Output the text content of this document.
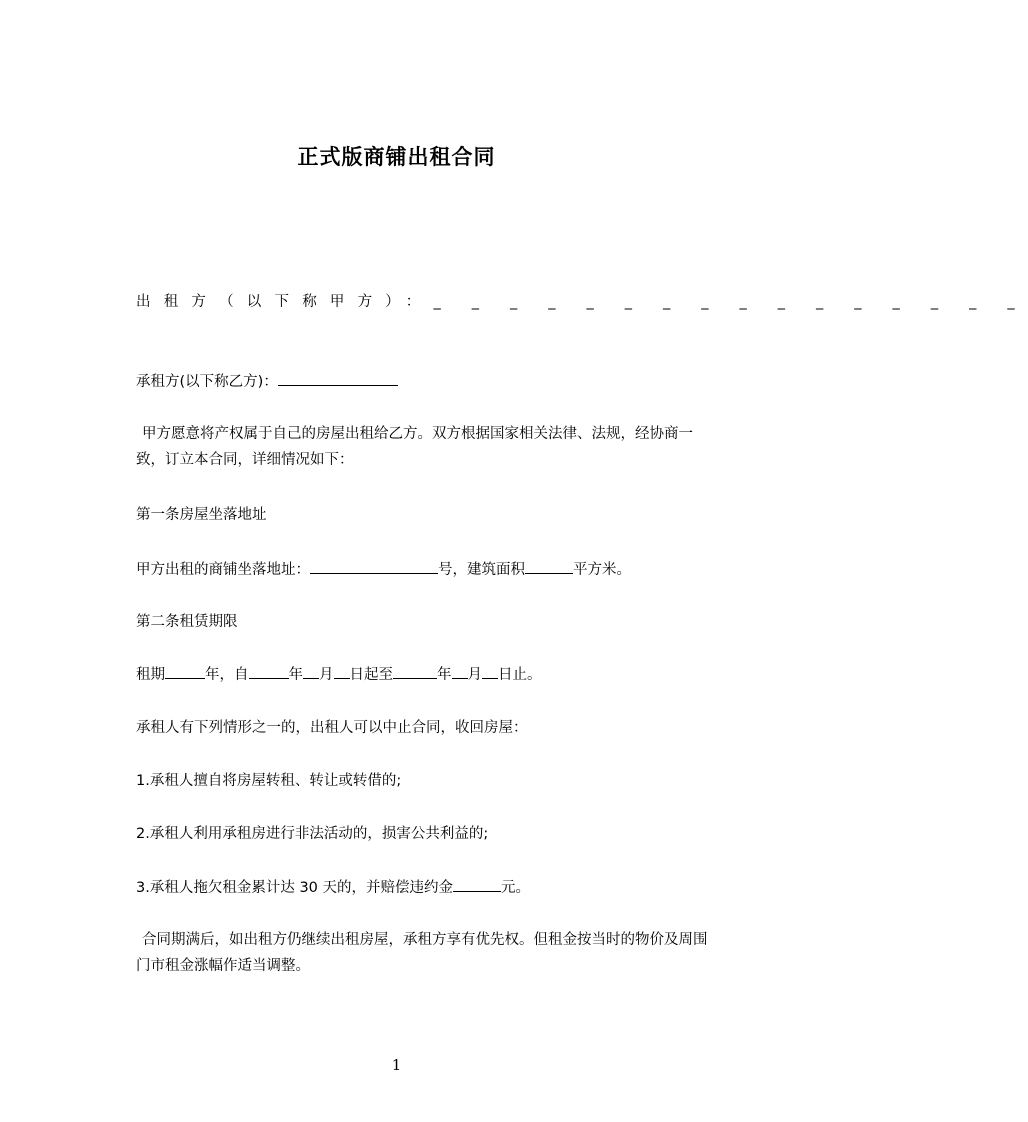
正式版商铺出租合同
出租方（以下称甲方）：_ _ _ _ _ _ _ _ _ _ _ _ _ _ _ _
承租方(以下称乙方)：
甲方愿意将产权属于自己的房屋出租给乙方。双方根据国家相关法律、法规，经协商一致，订立本合同，详细情况如下：
第一条房屋坐落地址
甲方出租的商铺坐落地址：	号，建筑面积	平方米。
第二条租赁期限
租期	年，自	年 月 日起至	年 月 日止。
承租人有下列情形之一的，出租人可以中止合同，收回房屋：
1.承租人擅自将房屋转租、转让或转借的;
2.承租人利用承租房进行非法活动的，损害公共利益的;
3.承租人拖欠租金累计达 30 天的，并赔偿违约金	元。
合同期满后，如出租方仍继续出租房屋，承租方享有优先权。但租金按当时的物价及周围门市租金涨幅作适当调整。
1
